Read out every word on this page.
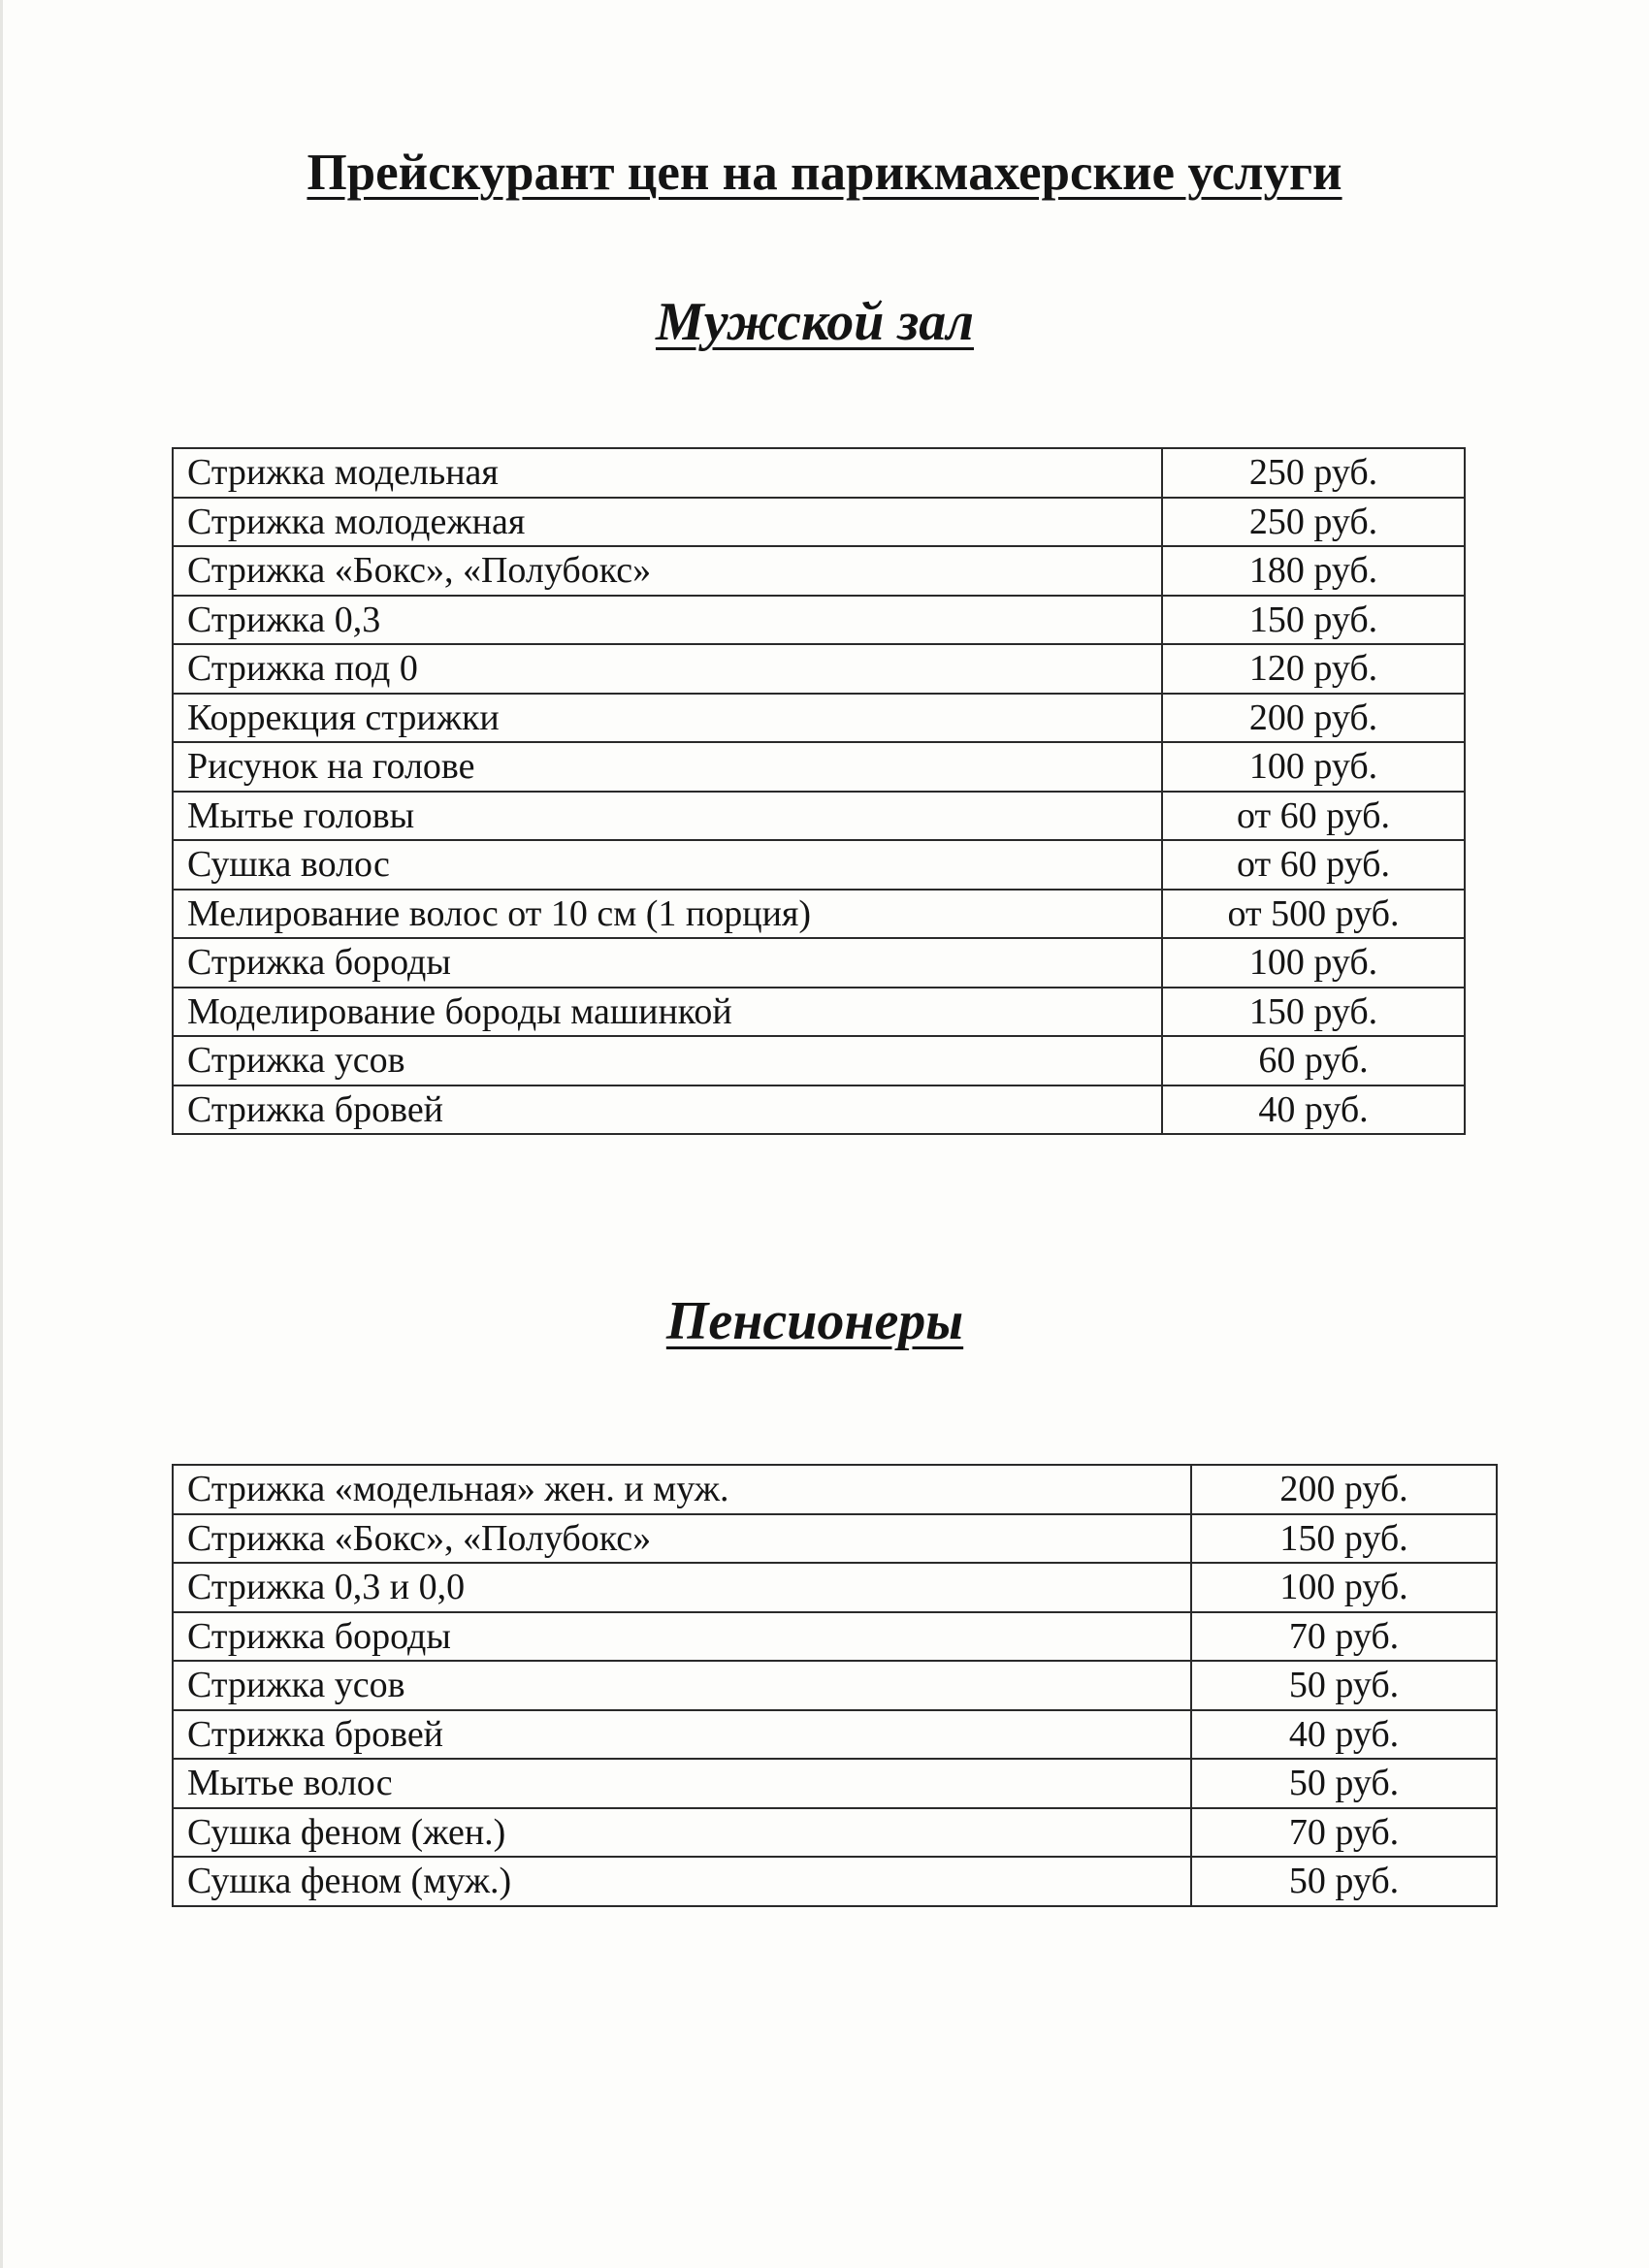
Прейскурант цен на парикмахерские услуги
Мужской зал
Стрижка модельная	250 руб.
Стрижка молодежная	250 руб.
Стрижка «Бокс», «Полубокс»	180 руб.
Стрижка 0,3	150 руб.
Стрижка под 0	120 руб.
Коррекция стрижки	200 руб.
Рисунок на голове	100 руб.
Мытье головы	от 60 руб.
Сушка волос	от 60 руб.
Мелирование волос от 10 см (1 порция)	от 500 руб.
Стрижка бороды	100 руб.
Моделирование бороды машинкой	150 руб.
Стрижка усов	60 руб.
Стрижка бровей	40 руб.
Пенсионеры
Стрижка «модельная» жен. и муж.	200 руб.
Стрижка «Бокс», «Полубокс»	150 руб.
Стрижка 0,3 и 0,0	100 руб.
Стрижка бороды	70 руб.
Стрижка усов	50 руб.
Стрижка бровей	40 руб.
Мытье волос	50 руб.
Сушка феном (жен.)	70 руб.
Сушка феном (муж.)	50 руб.
